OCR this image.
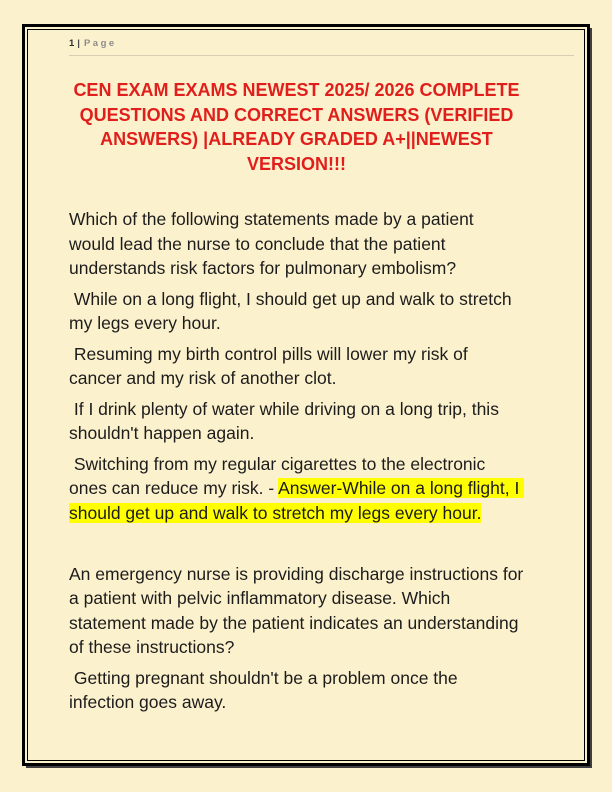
1 | Page
CEN EXAM EXAMS NEWEST 2025/ 2026 COMPLETE
QUESTIONS AND CORRECT ANSWERS (VERIFIED
ANSWERS) |ALREADY GRADED A+||NEWEST
VERSION!!!

Which of the following statements made by a patient would lead the nurse to conclude that the patient understands risk factors for pulmonary embolism?

While on a long flight, I should get up and walk to stretch my legs every hour.

Resuming my birth control pills will lower my risk of cancer and my risk of another clot.

If I drink plenty of water while driving on a long trip, this shouldn't happen again.

Switching from my regular cigarettes to the electronic ones can reduce my risk. - Answer-While on a long flight, I should get up and walk to stretch my legs every hour.

An emergency nurse is providing discharge instructions for a patient with pelvic inflammatory disease. Which statement made by the patient indicates an understanding of these instructions?

Getting pregnant shouldn't be a problem once the infection goes away.
